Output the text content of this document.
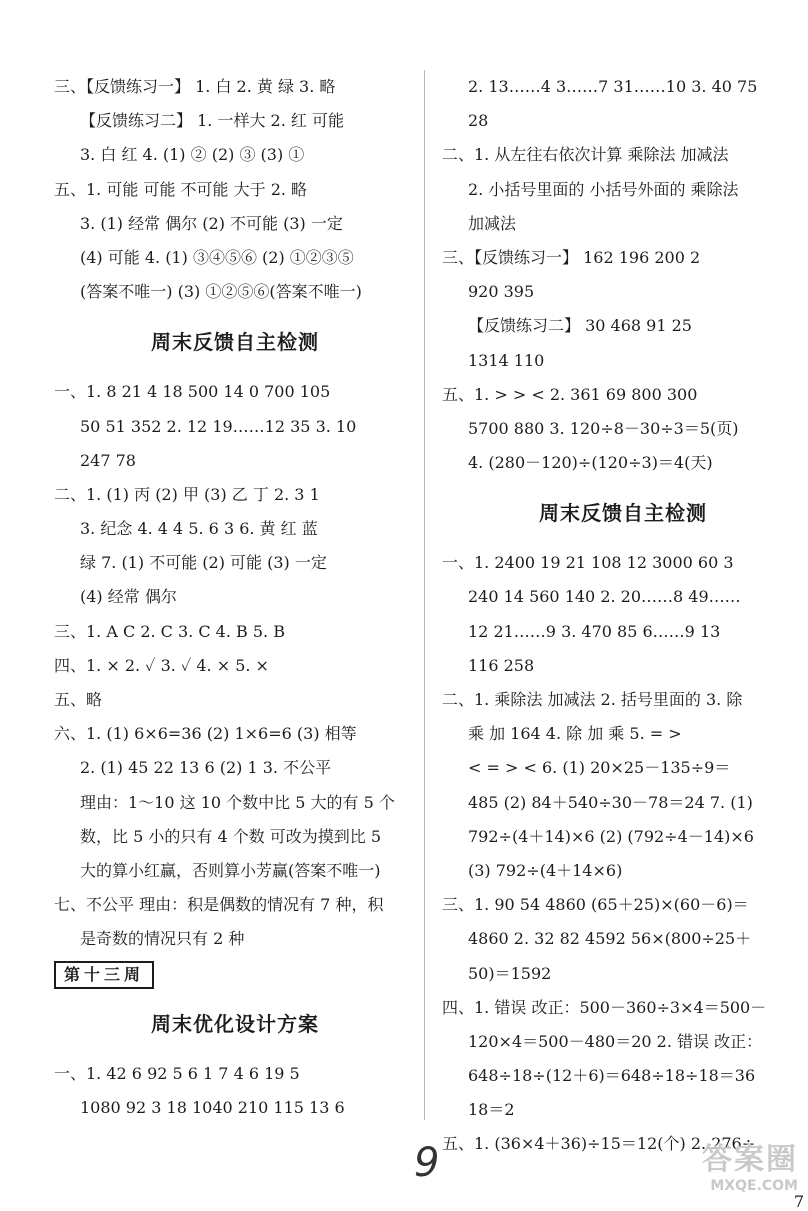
三、【反馈练习一】 1. 白 2. 黄 绿 3. 略
【反馈练习二】 1. 一样大 2. 红 可能
3. 白 红 4. (1) ② (2) ③ (3) ①
五、1. 可能 可能 不可能 大于 2. 略
3. (1) 经常 偶尔 (2) 不可能 (3) 一定
(4) 可能 4. (1) ③④⑤⑥ (2) ①②③⑤
(答案不唯一) (3) ①②⑤⑥(答案不唯一)
周末反馈自主检测
一、1. 8 21 4 18 500 14 0 700 105
50 51 352 2. 12 19……12 35 3. 10
247 78
二、1. (1) 丙 (2) 甲 (3) 乙 丁 2. 3 1
3. 纪念 4. 4 4 5. 6 3 6. 黄 红 蓝
绿 7. (1) 不可能 (2) 可能 (3) 一定
(4) 经常 偶尔
三、1. A C 2. C 3. C 4. B 5. B
四、1. × 2. ✓ 3. ✓ 4. × 5. ×
五、略
六、1. (1) 6×6=36 (2) 1×6=6 (3) 相等
2. (1) 45 22 13 6 (2) 1 3. 不公平
理由：1～10 这 10 个数中比 5 大的有 5 个
数，比 5 小的只有 4 个数 可改为摸到比 5
大的算小红赢，否则算小芳赢(答案不唯一)
七、不公平 理由：积是偶数的情况有 7 种，积
是奇数的情况只有 2 种
第十三周
周末优化设计方案
一、1. 42 6 92 5 6 1 7 4 6 19 5
1080 92 3 18 1040 210 115 13 6
2. 13……4 3……7 31……10 3. 40 75
28
二、1. 从左往右依次计算 乘除法 加减法
2. 小括号里面的 小括号外面的 乘除法
加减法
三、【反馈练习一】 162 196 200 2
920 395
【反馈练习二】 30 468 91 25
1314 110
五、1. > > < 2. 361 69 800 300
5700 880 3. 120÷8－30÷3＝5(页)
4. (280－120)÷(120÷3)＝4(天)
周末反馈自主检测
一、1. 2400 19 21 108 12 3000 60 3
240 14 560 140 2. 20……8 49……
12 21……9 3. 470 85 6……9 13
116 258
二、1. 乘除法 加减法 2. 括号里面的 3. 除
乘 加 164 4. 除 加 乘 5. = >
< = > < 6. (1) 20×25－135÷9＝
485 (2) 84＋540÷30－78＝24 7. (1)
792÷(4＋14)×6 (2) (792÷4－14)×6
(3) 792÷(4＋14×6)
三、1. 90 54 4860 (65＋25)×(60－6)＝
4860 2. 32 82 4592 56×(800÷25＋
50)＝1592
四、1. 错误 改正：500－360÷3×4＝500－
120×4＝500－480＝20 2. 错误 改正：
648÷18÷(12＋6)＝648÷18÷18＝36
18＝2
五、1. (36×4＋36)÷15＝12(个) 2. 276÷
7
9	答案圈
MXQE.COM
